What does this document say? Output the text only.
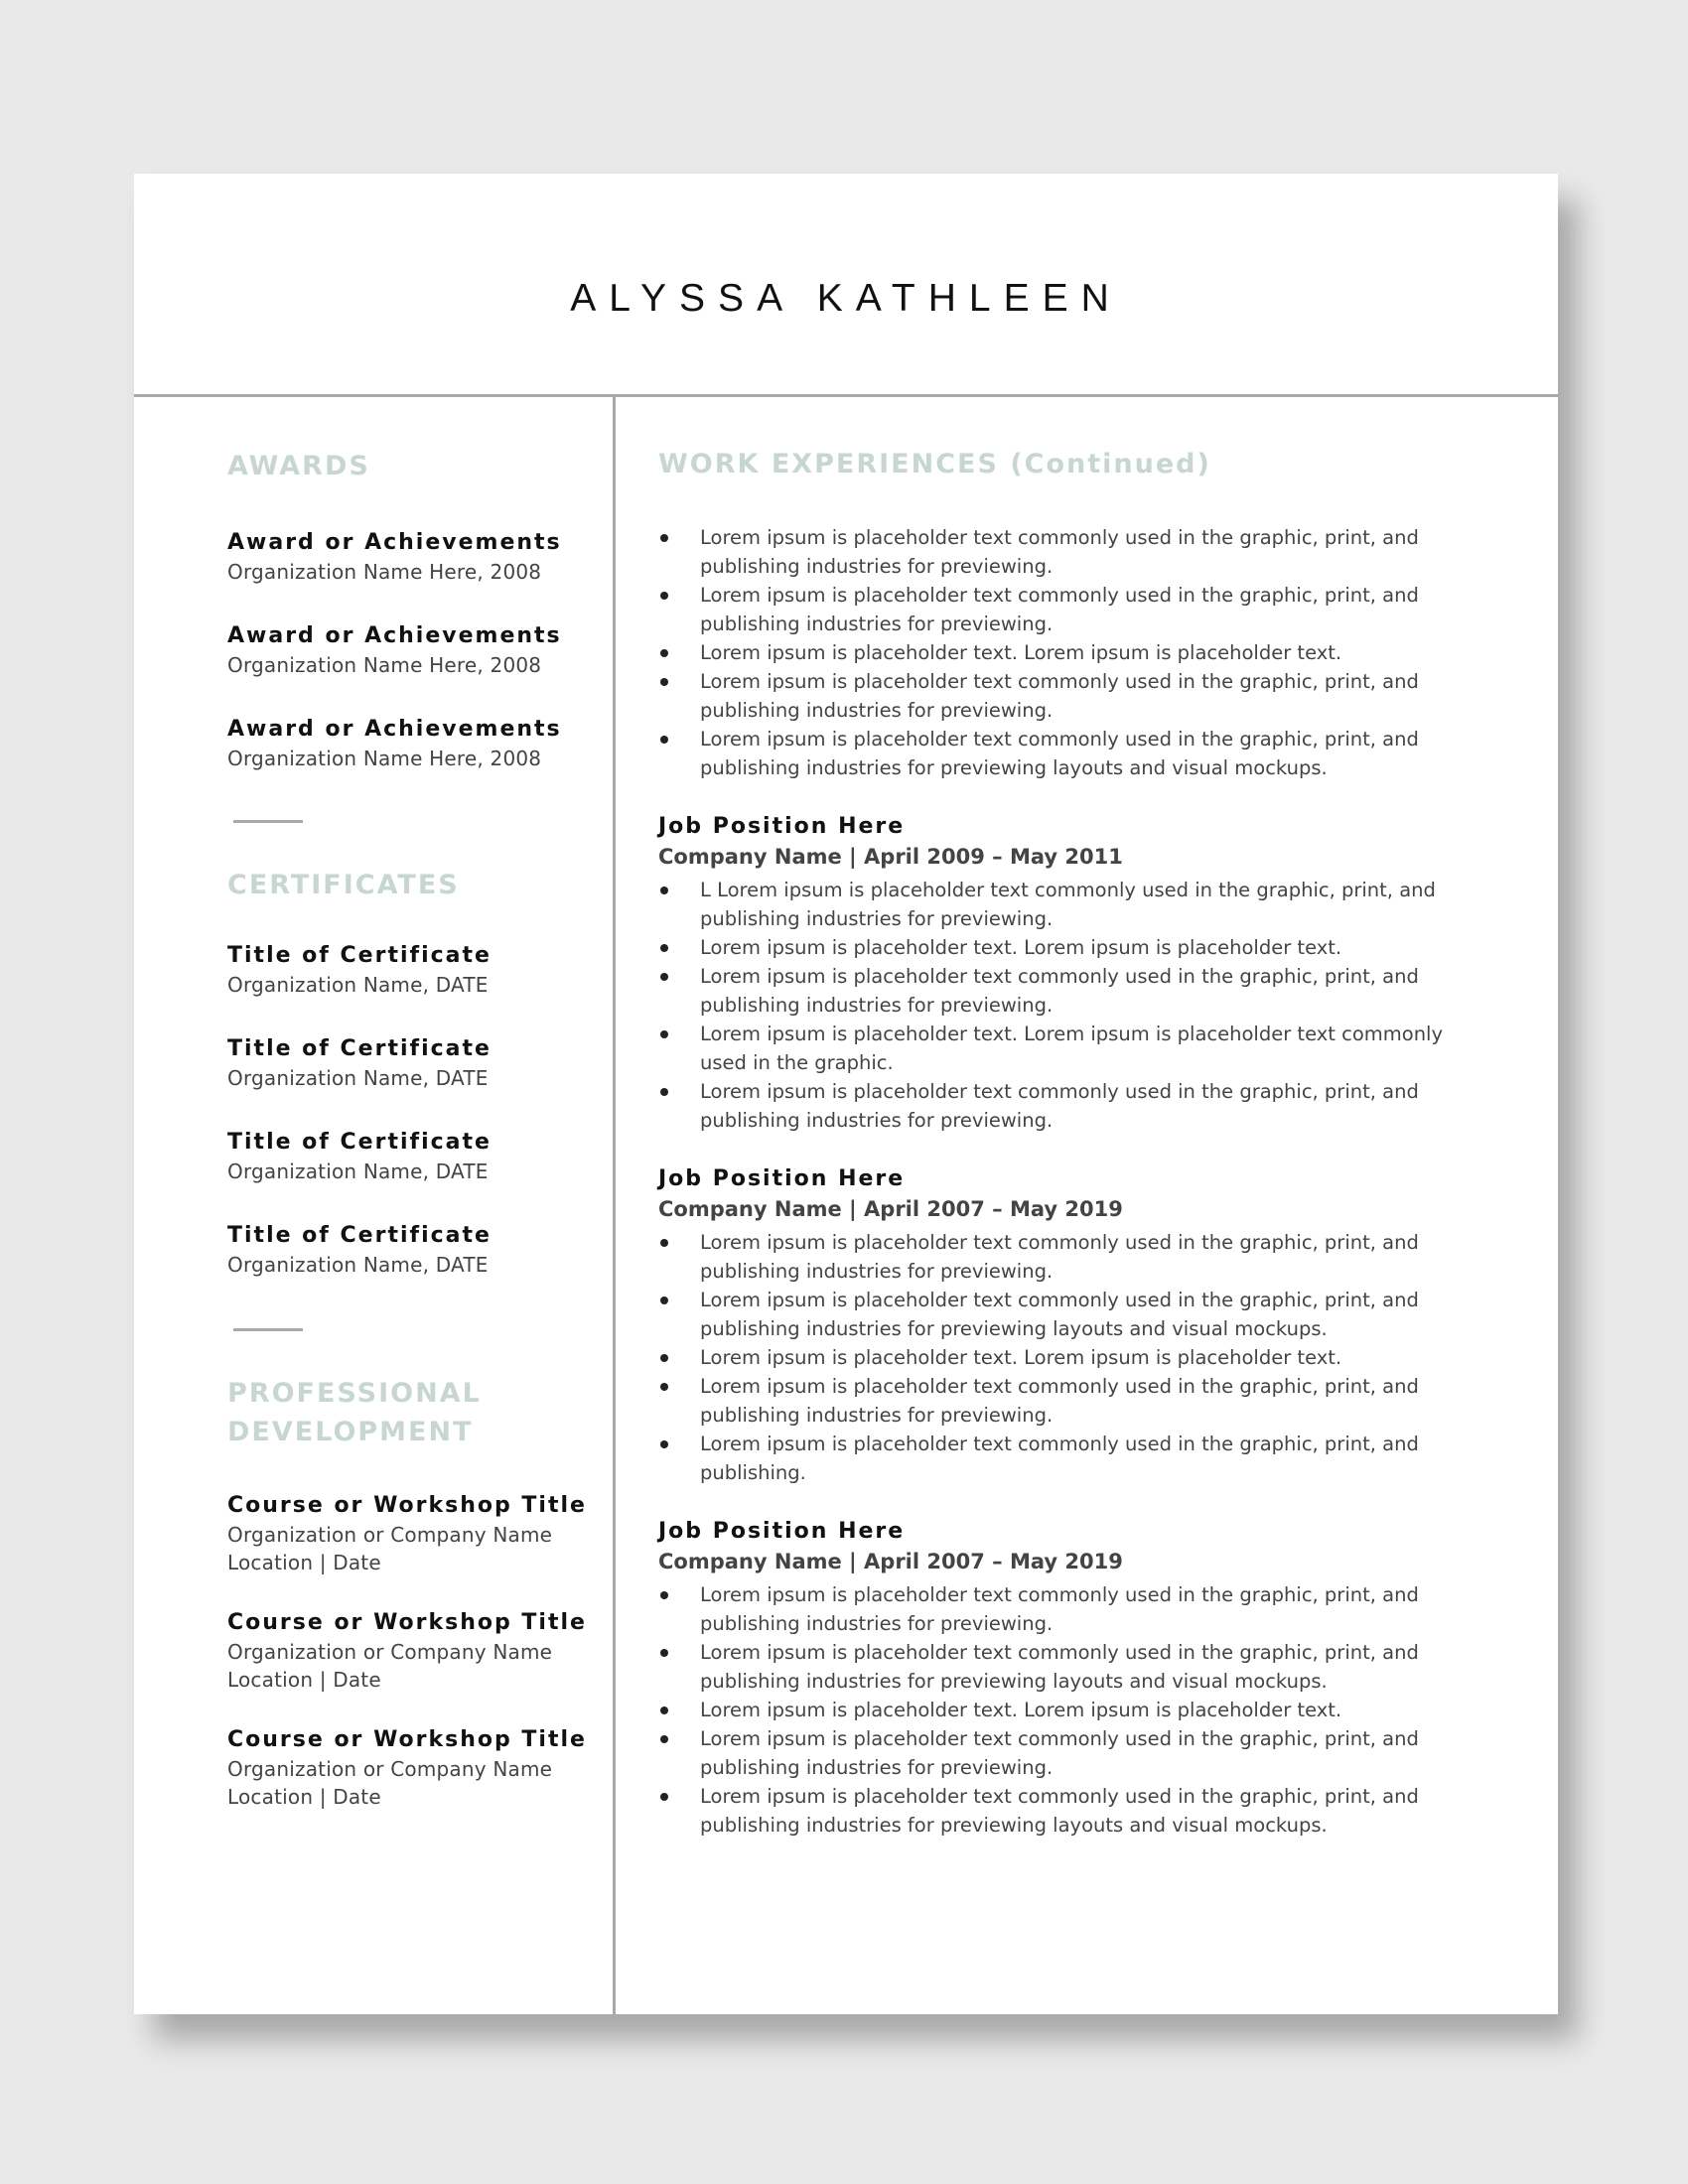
ALYSSA KATHLEEN
AWARDS
Award or Achievements
Organization Name Here, 2008
Award or Achievements
Organization Name Here, 2008
Award or Achievements
Organization Name Here, 2008
CERTIFICATES
Title of Certificate
Organization Name, DATE
Title of Certificate
Organization Name, DATE
Title of Certificate
Organization Name, DATE
Title of Certificate
Organization Name, DATE
PROFESSIONAL
DEVELOPMENT
Course or Workshop Title
Organization or Company Name
Location | Date
Course or Workshop Title
Organization or Company Name
Location | Date
Course or Workshop Title
Organization or Company Name
Location | Date
WORK EXPERIENCES (Continued)
Lorem ipsum is placeholder text commonly used in the graphic, print, and
publishing industries for previewing.
Lorem ipsum is placeholder text commonly used in the graphic, print, and
publishing industries for previewing.
Lorem ipsum is placeholder text. Lorem ipsum is placeholder text.
Lorem ipsum is placeholder text commonly used in the graphic, print, and
publishing industries for previewing.
Lorem ipsum is placeholder text commonly used in the graphic, print, and
publishing industries for previewing layouts and visual mockups.
Job Position Here
Company Name | April 2009 – May 2011
L Lorem ipsum is placeholder text commonly used in the graphic, print, and
publishing industries for previewing.
Lorem ipsum is placeholder text. Lorem ipsum is placeholder text.
Lorem ipsum is placeholder text commonly used in the graphic, print, and
publishing industries for previewing.
Lorem ipsum is placeholder text. Lorem ipsum is placeholder text commonly
used in the graphic.
Lorem ipsum is placeholder text commonly used in the graphic, print, and
publishing industries for previewing.
Job Position Here
Company Name | April 2007 – May 2019
Lorem ipsum is placeholder text commonly used in the graphic, print, and
publishing industries for previewing.
Lorem ipsum is placeholder text commonly used in the graphic, print, and
publishing industries for previewing layouts and visual mockups.
Lorem ipsum is placeholder text. Lorem ipsum is placeholder text.
Lorem ipsum is placeholder text commonly used in the graphic, print, and
publishing industries for previewing.
Lorem ipsum is placeholder text commonly used in the graphic, print, and
publishing.
Job Position Here
Company Name | April 2007 – May 2019
Lorem ipsum is placeholder text commonly used in the graphic, print, and
publishing industries for previewing.
Lorem ipsum is placeholder text commonly used in the graphic, print, and
publishing industries for previewing layouts and visual mockups.
Lorem ipsum is placeholder text. Lorem ipsum is placeholder text.
Lorem ipsum is placeholder text commonly used in the graphic, print, and
publishing industries for previewing.
Lorem ipsum is placeholder text commonly used in the graphic, print, and
publishing industries for previewing layouts and visual mockups.
